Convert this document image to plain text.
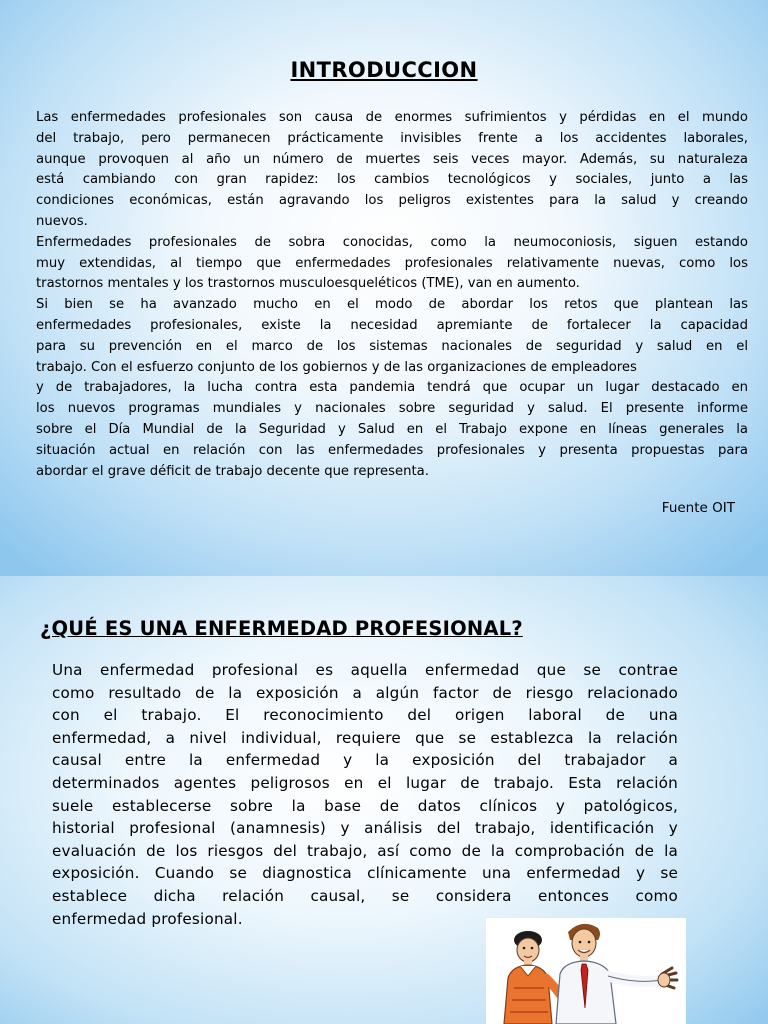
INTRODUCCION

Las enfermedades profesionales son causa de enormes sufrimientos y pérdidas en el mundo
del trabajo, pero permanecen prácticamente invisibles frente a los accidentes laborales,
aunque provoquen al año un número de muertes seis veces mayor. Además, su naturaleza
está cambiando con gran rapidez: los cambios tecnológicos y sociales, junto a las
condiciones económicas, están agravando los peligros existentes para la salud y creando
nuevos.
Enfermedades profesionales de sobra conocidas, como la neumoconiosis, siguen estando
muy extendidas, al tiempo que enfermedades profesionales relativamente nuevas, como los
trastornos mentales y los trastornos musculoesqueléticos (TME), van en aumento.
Si bien se ha avanzado mucho en el modo de abordar los retos que plantean las
enfermedades profesionales, existe la necesidad apremiante de fortalecer la capacidad
para su prevención en el marco de los sistemas nacionales de seguridad y salud en el
trabajo. Con el esfuerzo conjunto de los gobiernos y de las organizaciones de empleadores
y de trabajadores, la lucha contra esta pandemia tendrá que ocupar un lugar destacado en
los nuevos programas mundiales y nacionales sobre seguridad y salud. El presente informe
sobre el Día Mundial de la Seguridad y Salud en el Trabajo expone en líneas generales la
situación actual en relación con las enfermedades profesionales y presenta propuestas para
abordar el grave déficit de trabajo decente que representa.

Fuente OIT

¿QUÉ ES UNA ENFERMEDAD PROFESIONAL?

Una enfermedad profesional es aquella enfermedad que se contrae
como resultado de la exposición a algún factor de riesgo relacionado
con el trabajo. El reconocimiento del origen laboral de una
enfermedad, a nivel individual, requiere que se establezca la relación
causal entre la enfermedad y la exposición del trabajador a
determinados agentes peligrosos en el lugar de trabajo. Esta relación
suele establecerse sobre la base de datos clínicos y patológicos,
historial profesional (anamnesis) y análisis del trabajo, identificación y
evaluación de los riesgos del trabajo, así como de la comprobación de la
exposición. Cuando se diagnostica clínicamente una enfermedad y se
establece dicha relación causal, se considera entonces como
enfermedad profesional.
